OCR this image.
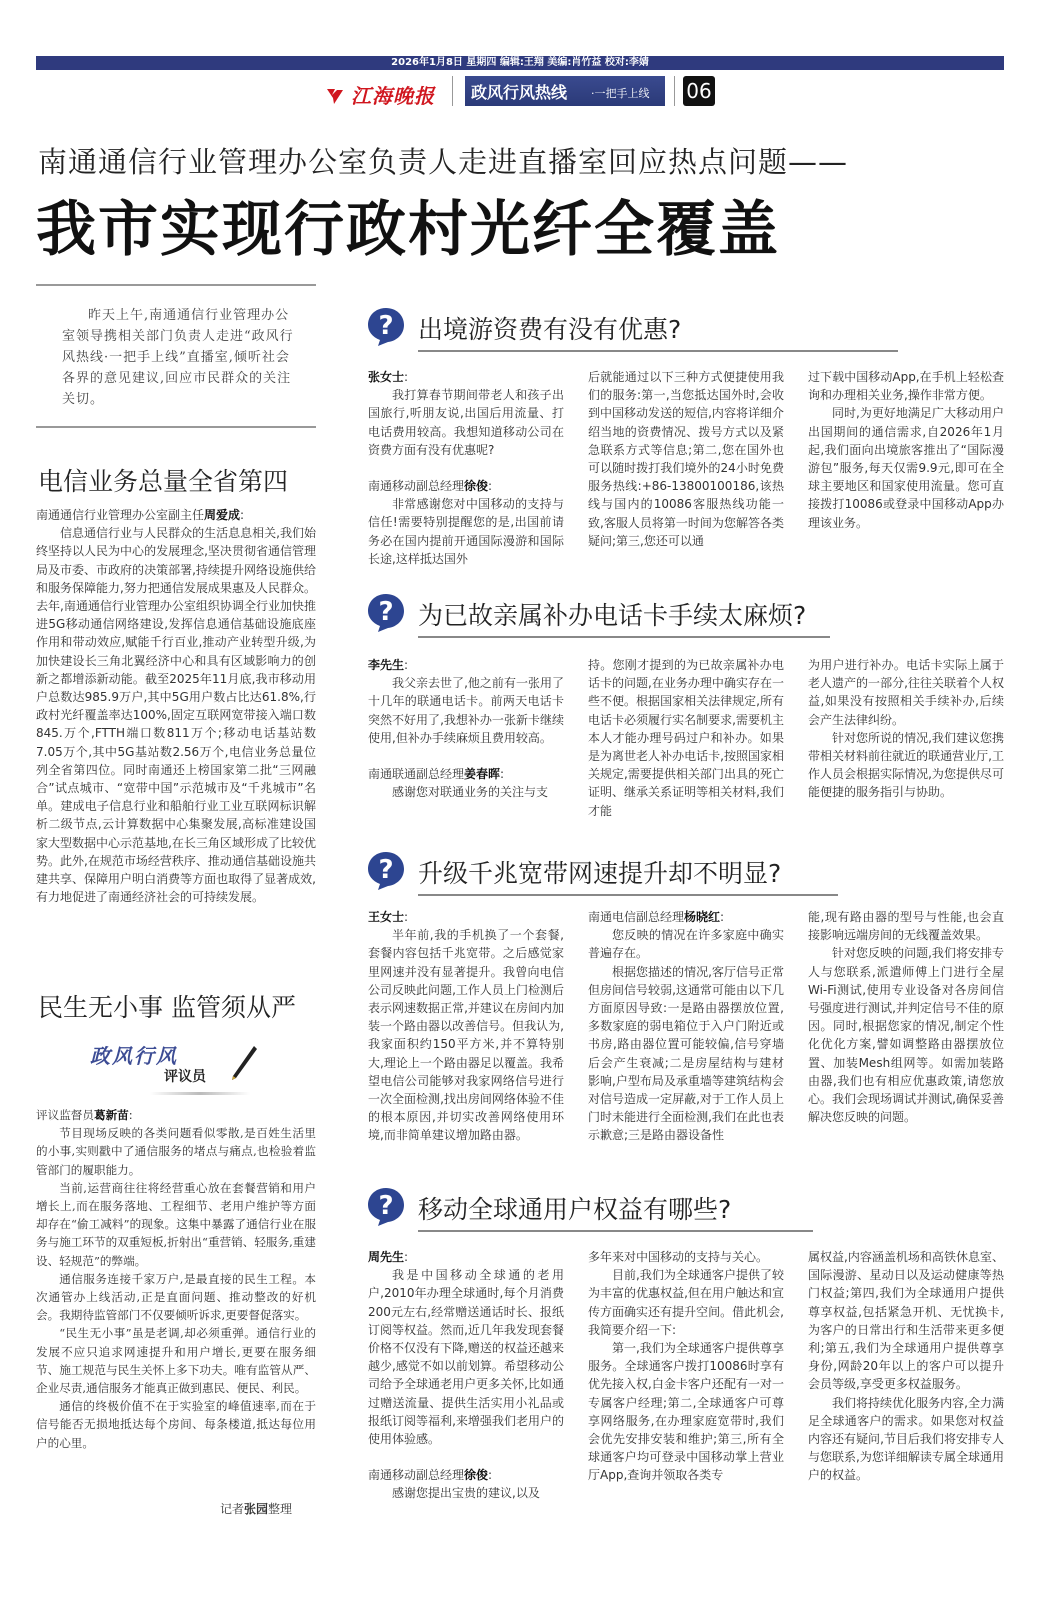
2026年1月8日 星期四 编辑:王翔 美编:肖竹益 校对:李婧
江海晚报 政风行风热线 ·一把手上线 06
南通通信行业管理办公室负责人走进直播室回应热点问题——
我市实现行政村光纤全覆盖
昨天上午,南通通信行业管理办公室领导携相关部门负责人走进“政风行风热线·一把手上线”直播室,倾听社会各界的意见建议,回应市民群众的关注关切。
电信业务总量全省第四

南通通信行业管理办公室副主任周爱成:

信息通信行业与人民群众的生活息息相关,我们始终坚持以人民为中心的发展理念,坚决贯彻省通信管理局及市委、市政府的决策部署,持续提升网络设施供给和服务保障能力,努力把通信发展成果惠及人民群众。去年,南通通信行业管理办公室组织协调全行业加快推进5G移动通信网络建设,发挥信息通信基础设施底座作用和带动效应,赋能千行百业,推动产业转型升级,为加快建设长三角北翼经济中心和具有区域影响力的创新之都增添新动能。截至2025年11月底,我市移动用户总数达985.9万户,其中5G用户数占比达61.8%,行政村光纤覆盖率达100%,固定互联网宽带接入端口数845.万个,FTTH端口数811万个;移动电话基站数7.05万个,其中5G基站数2.56万个,电信业务总量位列全省第四位。同时南通还上榜国家第二批“三网融合”试点城市、“宽带中国”示范城市及“千兆城市”名单。建成电子信息行业和船舶行业工业互联网标识解析二级节点,云计算数据中心集聚发展,高标准建设国家大型数据中心示范基地,在长三角区域形成了比较优势。此外,在规范市场经营秩序、推动通信基础设施共建共享、保障用户明白消费等方面也取得了显著成效,有力地促进了南通经济社会的可持续发展。

民生无小事 监管须从严
政风行风
评议员

评议监督员葛新苗:

节目现场反映的各类问题看似零散,是百姓生活里的小事,实则戳中了通信服务的堵点与痛点,也检验着监管部门的履职能力。

当前,运营商往往将经营重心放在套餐营销和用户增长上,而在服务落地、工程细节、老用户维护等方面却存在“偷工减料”的现象。这集中暴露了通信行业在服务与施工环节的双重短板,折射出“重营销、轻服务,重建设、轻规范”的弊端。

通信服务连接千家万户,是最直接的民生工程。本次通管办上线活动,正是直面问题、推动整改的好机会。我期待监管部门不仅要倾听诉求,更要督促落实。

“民生无小事”虽是老调,却必须重弹。通信行业的发展不应只追求网速提升和用户增长,更要在服务细节、施工规范与民生关怀上多下功夫。唯有监管从严、企业尽责,通信服务才能真正做到惠民、便民、利民。

通信的终极价值不在于实验室的峰值速率,而在于信号能否无损地抵达每个房间、每条楼道,抵达每位用户的心里。

记者张园整理
? 出境游资费有没有优惠?

张女士:

我打算春节期间带老人和孩子出国旅行,听朋友说,出国后用流量、打电话费用较高。我想知道移动公司在资费方面有没有优惠呢?

南通移动副总经理徐俊:

非常感谢您对中国移动的支持与信任!需要特别提醒您的是,出国前请务必在国内提前开通国际漫游和国际长途,这样抵达国外

后就能通过以下三种方式便捷使用我们的服务:第一,当您抵达国外时,会收到中国移动发送的短信,内容将详细介绍当地的资费情况、拨号方式以及紧急联系方式等信息;第二,您在国外也可以随时拨打我们境外的24小时免费服务热线:+86-13800100186,该热线与国内的10086客服热线功能一致,客服人员将第一时间为您解答各类疑问;第三,您还可以通

过下载中国移动App,在手机上轻松查询和办理相关业务,操作非常方便。

同时,为更好地满足广大移动用户出国期间的通信需求,自2026年1月起,我们面向出境旅客推出了“国际漫游包”服务,每天仅需9.9元,即可在全球主要地区和国家使用流量。您可直接拨打10086或登录中国移动App办理该业务。

? 为已故亲属补办电话卡手续太麻烦?

李先生:

我父亲去世了,他之前有一张用了十几年的联通电话卡。前两天电话卡突然不好用了,我想补办一张新卡继续使用,但补办手续麻烦且费用较高。

南通联通副总经理姜春晖:

感谢您对联通业务的关注与支

持。您刚才提到的为已故亲属补办电话卡的问题,在业务办理中确实存在一些不便。根据国家相关法律规定,所有电话卡必须履行实名制要求,需要机主本人才能办理号码过户和补办。如果是为离世老人补办电话卡,按照国家相关规定,需要提供相关部门出具的死亡证明、继承关系证明等相关材料,我们才能

为用户进行补办。电话卡实际上属于老人遗产的一部分,往往关联着个人权益,如果没有按照相关手续补办,后续会产生法律纠纷。

针对您所说的情况,我们建议您携带相关材料前往就近的联通营业厅,工作人员会根据实际情况,为您提供尽可能便捷的服务指引与协助。

? 升级千兆宽带网速提升却不明显?

王女士:

半年前,我的手机换了一个套餐,套餐内容包括千兆宽带。之后感觉家里网速并没有显著提升。我曾向电信公司反映此问题,工作人员上门检测后表示网速数据正常,并建议在房间内加装一个路由器以改善信号。但我认为,我家面积约150平方米,并不算特别大,理论上一个路由器足以覆盖。我希望电信公司能够对我家网络信号进行一次全面检测,找出房间网络体验不佳的根本原因,并切实改善网络使用环境,而非简单建议增加路由器。

南通电信副总经理杨晓红:

您反映的情况在许多家庭中确实普遍存在。

根据您描述的情况,客厅信号正常但房间信号较弱,这通常可能由以下几方面原因导致:一是路由器摆放位置,多数家庭的弱电箱位于入户门附近或书房,路由器位置可能较偏,信号穿墙后会产生衰减;二是房屋结构与建材影响,户型布局及承重墙等建筑结构会对信号造成一定屏蔽,对于工作人员上门时未能进行全面检测,我们在此也表示歉意;三是路由器设备性

能,现有路由器的型号与性能,也会直接影响远端房间的无线覆盖效果。

针对您反映的问题,我们将安排专人与您联系,派遣师傅上门进行全屋Wi-Fi测试,使用专业设备对各房间信号强度进行测试,并判定信号不佳的原因。同时,根据您家的情况,制定个性化优化方案,譬如调整路由器摆放位置、加装Mesh组网等。如需加装路由器,我们也有相应优惠政策,请您放心。我们会现场调试并测试,确保妥善解决您反映的问题。

? 移动全球通用户权益有哪些?

周先生:

我是中国移动全球通的老用户,2010年办理全球通时,每个月消费200元左右,经常赠送通话时长、报纸订阅等权益。然而,近几年我发现套餐价格不仅没有下降,赠送的权益还越来越少,感觉不如以前划算。希望移动公司给予全球通老用户更多关怀,比如通过赠送流量、提供生活实用小礼品或报纸订阅等福利,来增强我们老用户的使用体验感。

南通移动副总经理徐俊:

感谢您提出宝贵的建议,以及

多年来对中国移动的支持与关心。

目前,我们为全球通客户提供了较为丰富的优惠权益,但在用户触达和宣传方面确实还有提升空间。借此机会,我简要介绍一下:

第一,我们为全球通客户提供尊享服务。全球通客户拨打10086时享有优先接入权,白金卡客户还配有一对一专属客户经理;第二,全球通客户可尊享网络服务,在办理家庭宽带时,我们会优先安排安装和维护;第三,所有全球通客户均可登录中国移动掌上营业厅App,查询并领取各类专

属权益,内容涵盖机场和高铁休息室、国际漫游、星动日以及运动健康等热门权益;第四,我们为全球通用户提供尊享权益,包括紧急开机、无忧换卡,为客户的日常出行和生活带来更多便利;第五,我们为全球通用户提供尊享身份,网龄20年以上的客户可以提升会员等级,享受更多权益服务。

我们将持续优化服务内容,全力满足全球通客户的需求。如果您对权益内容还有疑问,节目后我们将安排专人与您联系,为您详细解读专属全球通用户的权益。
